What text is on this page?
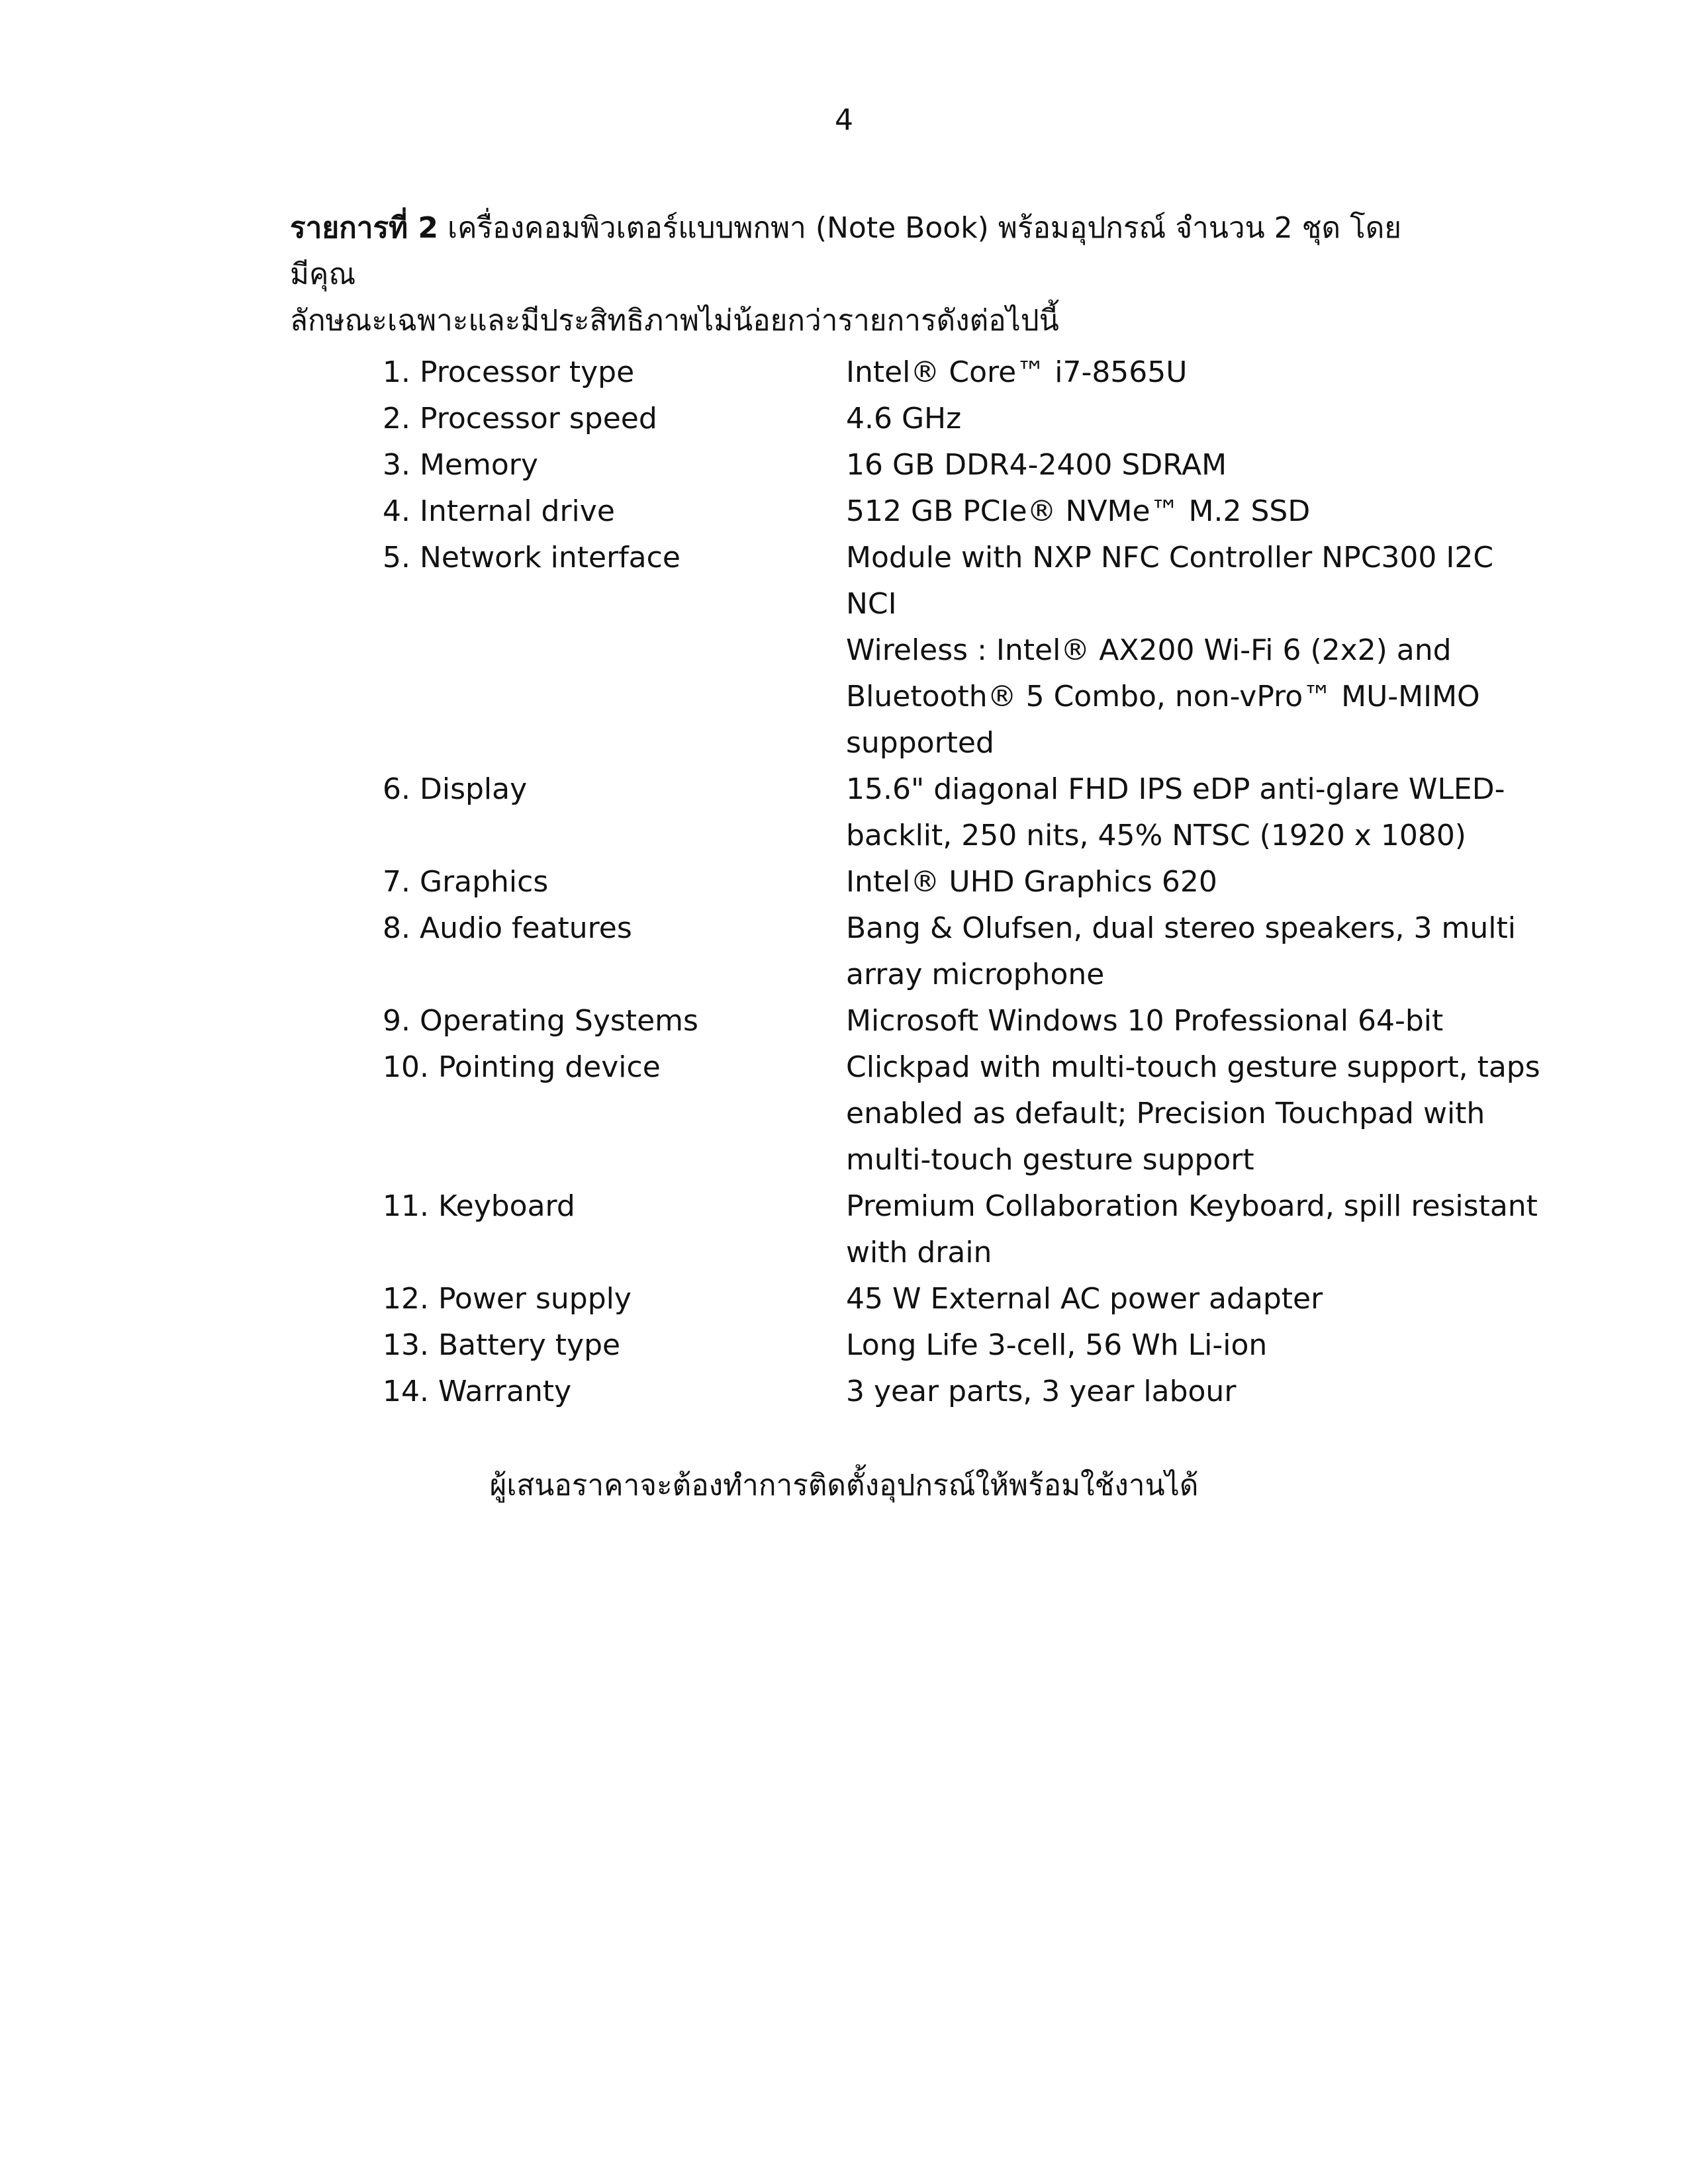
4
รายการที่ 2 เครื่องคอมพิวเตอร์แบบพกพา (Note Book) พร้อมอุปกรณ์ จำนวน 2 ชุด โดยมีคุณ
ลักษณะเฉพาะและมีประสิทธิภาพไม่น้อยกว่ารายการดังต่อไปนี้
1. Processor type	Intel® Core™ i7-8565U
2. Processor speed	4.6 GHz
3. Memory	16 GB DDR4-2400 SDRAM
4. Internal drive	512 GB PCIe® NVMe™ M.2 SSD
5. Network interface	Module with NXP NFC Controller NPC300 I2C
NCI
Wireless : Intel® AX200 Wi-Fi 6 (2x2) and
Bluetooth® 5 Combo, non-vPro™ MU-MIMO
supported
6. Display	15.6" diagonal FHD IPS eDP anti-glare WLED-
backlit, 250 nits, 45% NTSC (1920 x 1080)
7. Graphics	Intel® UHD Graphics 620
8. Audio features	Bang & Olufsen, dual stereo speakers, 3 multi
array microphone
9. Operating Systems	Microsoft Windows 10 Professional 64-bit
10. Pointing device	Clickpad with multi-touch gesture support, taps
enabled as default; Precision Touchpad with
multi-touch gesture support
11. Keyboard	Premium Collaboration Keyboard, spill resistant
with drain
12. Power supply	45 W External AC power adapter
13. Battery type	Long Life 3-cell, 56 Wh Li-ion
14. Warranty	3 year parts, 3 year labour
ผู้เสนอราคาจะต้องทำการติดตั้งอุปกรณ์ให้พร้อมใช้งานได้
